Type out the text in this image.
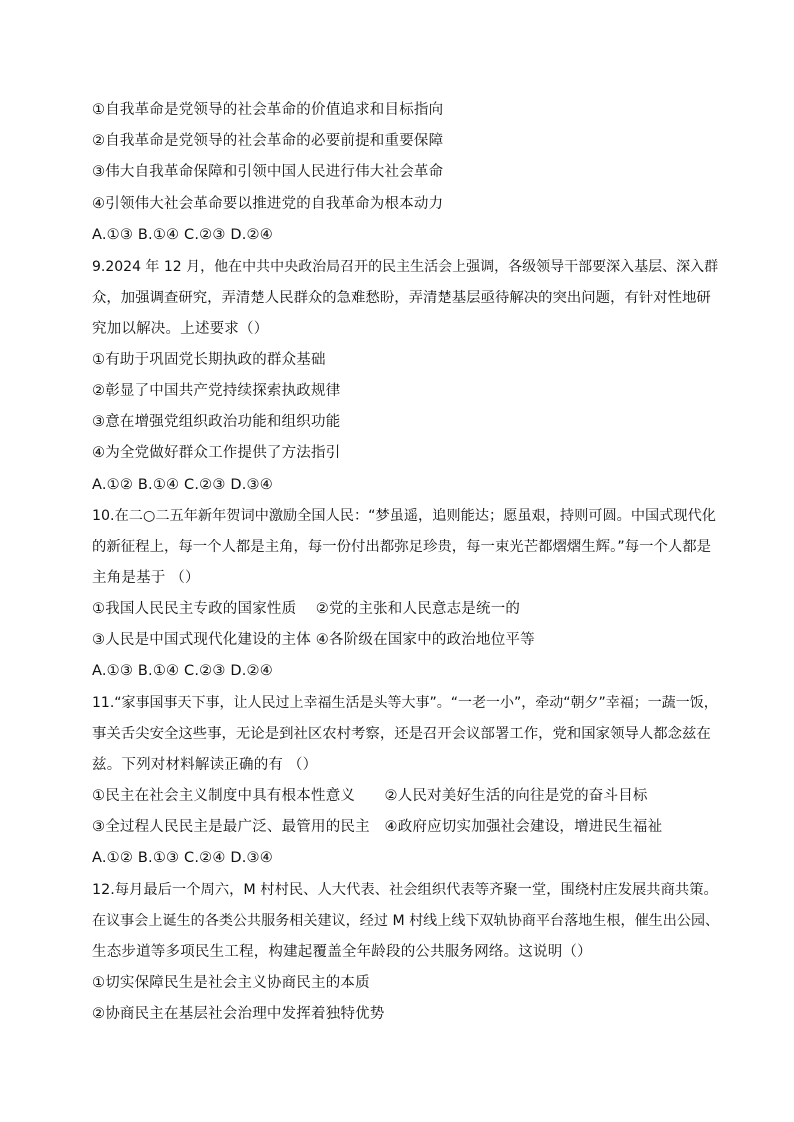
①自我革命是党领导的社会革命的价值追求和目标指向
②自我革命是党领导的社会革命的必要前提和重要保障
③伟大自我革命保障和引领中国人民进行伟大社会革命
④引领伟大社会革命要以推进党的自我革命为根本动力
A.①③ B.①④ C.②③ D.②④
9.2024 年 12 月，他在中共中央政治局召开的民主生活会上强调，各级领导干部要深入基层、深入群
众，加强调查研究，弄清楚人民群众的急难愁盼，弄清楚基层亟待解决的突出问题，有针对性地研
究加以解决。上述要求（）
①有助于巩固党长期执政的群众基础
②彰显了中国共产党持续探索执政规律
③意在增强党组织政治功能和组织功能
④为全党做好群众工作提供了方法指引
A.①② B.①④ C.②③ D.③④
10.在二○二五年新年贺词中激励全国人民：“梦虽遥，追则能达；愿虽艰，持则可圆。中国式现代化
的新征程上，每一个人都是主角，每一份付出都弥足珍贵，每一束光芒都熠熠生辉。”每一个人都是
主角是基于 （）
①我国人民民主专政的国家性质　 ②党的主张和人民意志是统一的
③人民是中国式现代化建设的主体 ④各阶级在国家中的政治地位平等
A.①③ B.①④ C.②③ D.②④
11.“家事国事天下事，让人民过上幸福生活是头等大事”。“一老一小”，牵动“朝夕”幸福；一蔬一饭，
事关舌尖安全这些事，无论是到社区农村考察，还是召开会议部署工作，党和国家领导人都念兹在
兹。下列对材料解读正确的有 （）
①民主在社会主义制度中具有根本性意义　　②人民对美好生活的向往是党的奋斗目标
③全过程人民民主是最广泛、最管用的民主　④政府应切实加强社会建设，增进民生福祉
A.①② B.①③ C.②④ D.③④
12.每月最后一个周六，M 村村民、人大代表、社会组织代表等齐聚一堂，围绕村庄发展共商共策。
在议事会上诞生的各类公共服务相关建议，经过 M 村线上线下双轨协商平台落地生根，催生出公园、
生态步道等多项民生工程，构建起覆盖全年龄段的公共服务网络。这说明（）
①切实保障民生是社会主义协商民主的本质
②协商民主在基层社会治理中发挥着独特优势
